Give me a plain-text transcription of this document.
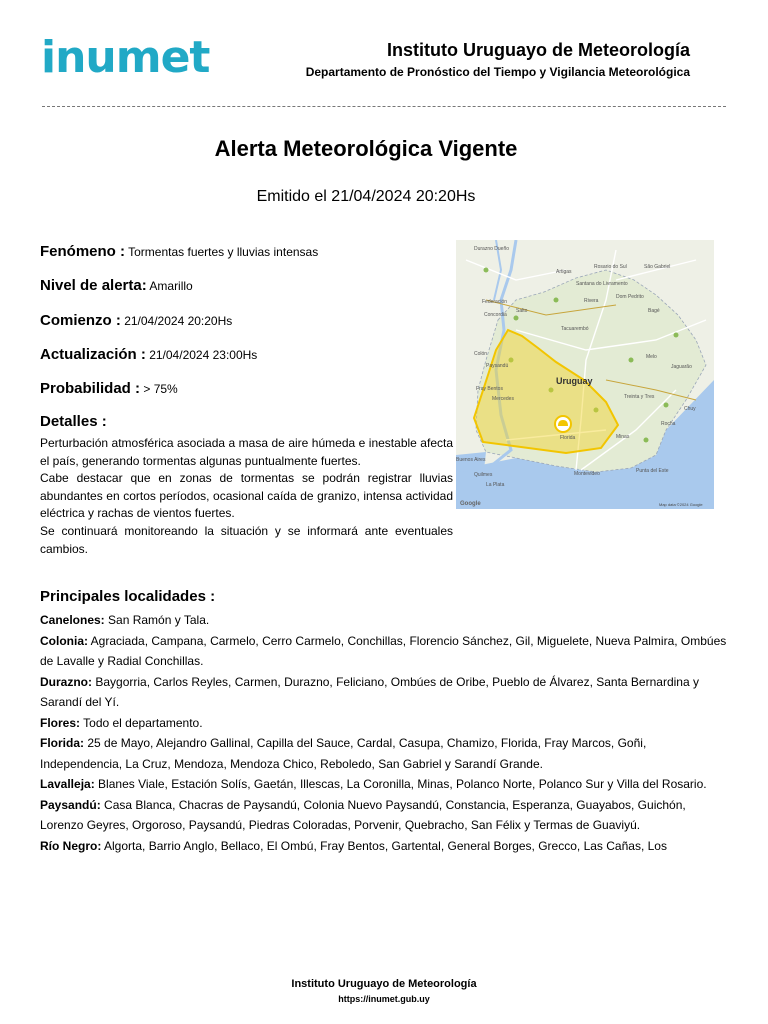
inumet	Instituto Uruguayo de Meteorología
Departamento de Pronóstico del Tiempo y Vigilancia Meteorológica
Alerta Meteorológica Vigente
Emitido el 21/04/2024 20:20Hs
Fenómeno : Tormentas fuertes y lluvias intensas
Nivel de alerta: Amarillo
Comienzo : 21/04/2024 20:20Hs
Actualización : 21/04/2024 23:00Hs
Probabilidad : > 75%
Detalles :

Perturbación atmosférica asociada a masa de aire húmeda e inestable afecta el país, generando tormentas algunas puntualmente fuertes.

Cabe destacar que en zonas de tormentas se podrán registrar lluvias abundantes en cortos períodos, ocasional caída de granizo, intensa actividad eléctrica y rachas de vientos fuertes.

Se continuará monitoreando la situación y se informará ante eventuales cambios.

Durazno Dueño
Artigas
Rosario do Sul	São Gabriel
Santana do Livramento
Dom Pedrito
Bagé
Federación
Concordia
Salto
Rivera
Tacuarembó
Colón
Paysandú
Melo
Jaguarão
Fray Bentos
Mercedes	Treinta y Tres
Uruguay
Florida	Minas
Rocha
Chuy
Buenos Aires
Quilmes
La Plata
Montevideo	Punta del Este
Google	Map data ©2024 Google
Principales localidades :

Canelones: San Ramón y Tala.

Colonia: Agraciada, Campana, Carmelo, Cerro Carmelo, Conchillas, Florencio Sánchez, Gil, Miguelete, Nueva Palmira, Ombúes de Lavalle y Radial Conchillas.

Durazno: Baygorria, Carlos Reyles, Carmen, Durazno, Feliciano, Ombúes de Oribe, Pueblo de Álvarez, Santa Bernardina y Sarandí del Yí.

Flores: Todo el departamento.

Florida: 25 de Mayo, Alejandro Gallinal, Capilla del Sauce, Cardal, Casupa, Chamizo, Florida, Fray Marcos, Goñi, Independencia, La Cruz, Mendoza, Mendoza Chico, Reboledo, San Gabriel y Sarandí Grande.

Lavalleja: Blanes Viale, Estación Solís, Gaetán, Illescas, La Coronilla, Minas, Polanco Norte, Polanco Sur y Villa del Rosario.

Paysandú: Casa Blanca, Chacras de Paysandú, Colonia Nuevo Paysandú, Constancia, Esperanza, Guayabos, Guichón, Lorenzo Geyres, Orgoroso, Paysandú, Piedras Coloradas, Porvenir, Quebracho, San Félix y Termas de Guaviyú.

Río Negro: Algorta, Barrio Anglo, Bellaco, El Ombú, Fray Bentos, Gartental, General Borges, Grecco, Las Cañas, Los

Instituto Uruguayo de Meteorología
https://inumet.gub.uy
